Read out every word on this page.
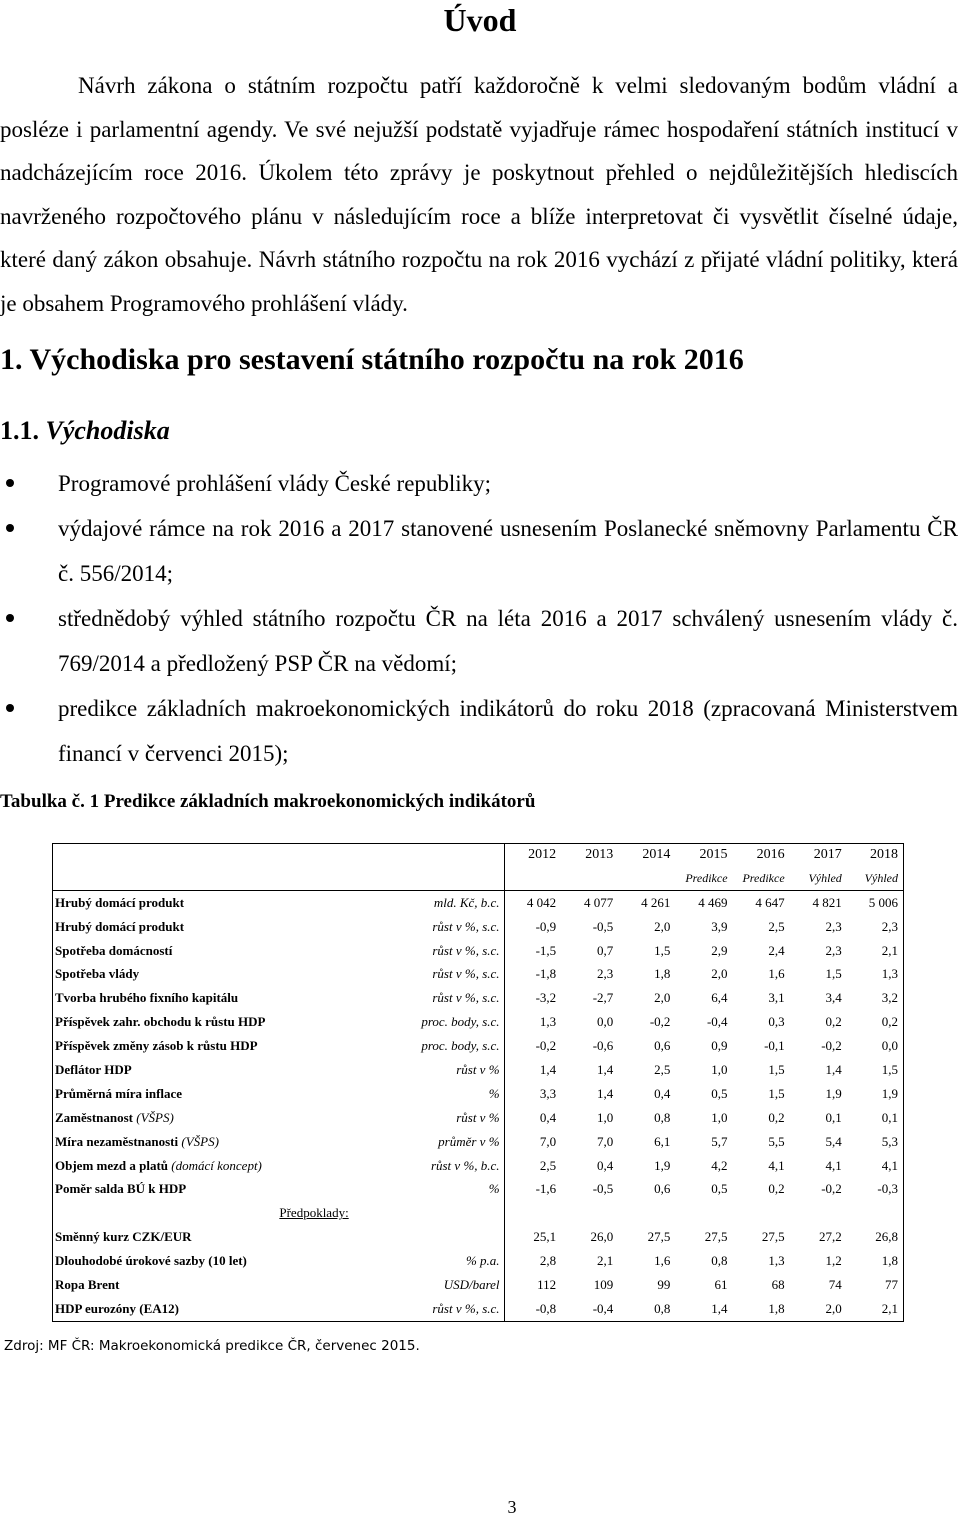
Úvod
Návrh zákona o státním rozpočtu patří každoročně k velmi sledovaným bodům vládní a posléze i parlamentní agendy. Ve své nejužší podstatě vyjadřuje rámec hospodaření státních institucí v nadcházejícím roce 2016. Úkolem této zprávy je poskytnout přehled o nejdůležitějších hlediscích navrženého rozpočtového plánu v následujícím roce a blíže interpretovat či vysvětlit číselné údaje, které daný zákon obsahuje. Návrh státního rozpočtu na rok 2016 vychází z přijaté vládní politiky, která je obsahem Programového prohlášení vlády.
1. Východiska pro sestavení státního rozpočtu na rok 2016
1.1. Východiska
Programové prohlášení vlády České republiky;
výdajové rámce na rok 2016 a 2017 stanovené usnesením Poslanecké sněmovny Parlamentu ČR č. 556/2014;
střednědobý výhled státního rozpočtu ČR na léta 2016 a 2017 schválený usnesením vlády č. 769/2014 a předložený PSP ČR na vědomí;
predikce základních makroekonomických indikátorů do roku 2018 (zpracovaná Ministerstvem financí v červenci 2015);
Tabulka č. 1 Predikce základních makroekonomických indikátorů
		2012	2013	2014	2015	2016	2017	2018
					Predikce	Predikce	Výhled	Výhled
Hrubý domácí produkt	mld. Kč, b.c.	4 042	4 077	4 261	4 469	4 647	4 821	5 006
Hrubý domácí produkt	růst v %, s.c.	-0,9	-0,5	2,0	3,9	2,5	2,3	2,3
Spotřeba domácností	růst v %, s.c.	-1,5	0,7	1,5	2,9	2,4	2,3	2,1
Spotřeba vlády	růst v %, s.c.	-1,8	2,3	1,8	2,0	1,6	1,5	1,3
Tvorba hrubého fixního kapitálu	růst v %, s.c.	-3,2	-2,7	2,0	6,4	3,1	3,4	3,2
Příspěvek zahr. obchodu k růstu HDP	proc. body, s.c.	1,3	0,0	-0,2	-0,4	0,3	0,2	0,2
Příspěvek změny zásob k růstu HDP	proc. body, s.c.	-0,2	-0,6	0,6	0,9	-0,1	-0,2	0,0
Deflátor HDP	růst v %	1,4	1,4	2,5	1,0	1,5	1,4	1,5
Průměrná míra inflace	%	3,3	1,4	0,4	0,5	1,5	1,9	1,9
Zaměstnanost (VŠPS)	růst v %	0,4	1,0	0,8	1,0	0,2	0,1	0,1
Míra nezaměstnanosti (VŠPS)	průměr v %	7,0	7,0	6,1	5,7	5,5	5,4	5,3
Objem mezd a platů (domácí koncept)	růst v %, b.c.	2,5	0,4	1,9	4,2	4,1	4,1	4,1
Poměr salda BÚ k HDP	%	-1,6	-0,5	0,6	0,5	0,2	-0,2	-0,3
Předpoklady:								
Směnný kurz CZK/EUR		25,1	26,0	27,5	27,5	27,5	27,2	26,8
Dlouhodobé úrokové sazby (10 let)	% p.a.	2,8	2,1	1,6	0,8	1,3	1,2	1,8
Ropa Brent	USD/barel	112	109	99	61	68	74	77
HDP eurozóny (EA12)	růst v %, s.c.	-0,8	-0,4	0,8	1,4	1,8	2,0	2,1
Zdroj: MF ČR: Makroekonomická predikce ČR, červenec 2015.
3
